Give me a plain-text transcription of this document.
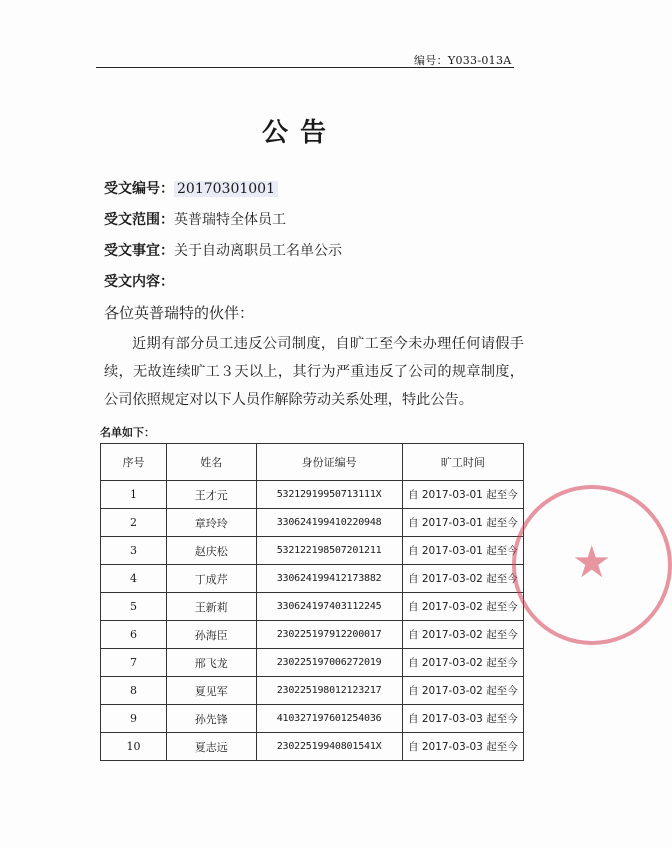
编号：Y033-013A
公告
受文编号： 20170301001
受文范围：英普瑞特全体员工
受文事宜：关于自动离职员工名单公示
受文内容：
各位英普瑞特的伙伴：

近期有部分员工违反公司制度，自旷工至今未办理任何请假手续，无故连续旷工３天以上，其行为严重违反了公司的规章制度，公司依照规定对以下人员作解除劳动关系处理，特此公告。

名单如下：
序号	姓名	身份证编号	旷工时间
1	王才元	53212919950713111X	自 2017-03-01 起至今
2	章玲玲	330624199410220948	自 2017-03-01 起至今
3	赵庆松	532122198507201211	自 2017-03-01 起至今
4	丁成芹	330624199412173882	自 2017-03-02 起至今
5	王新莉	330624197403112245	自 2017-03-02 起至今
6	孙海臣	230225197912200017	自 2017-03-02 起至今
7	邢飞龙	230225197006272019	自 2017-03-02 起至今
8	夏见军	230225198012123217	自 2017-03-02 起至今
9	孙先锋	410327197601254036	自 2017-03-03 起至今
10	夏志远	23022519940801541X	自 2017-03-03 起至今
★
